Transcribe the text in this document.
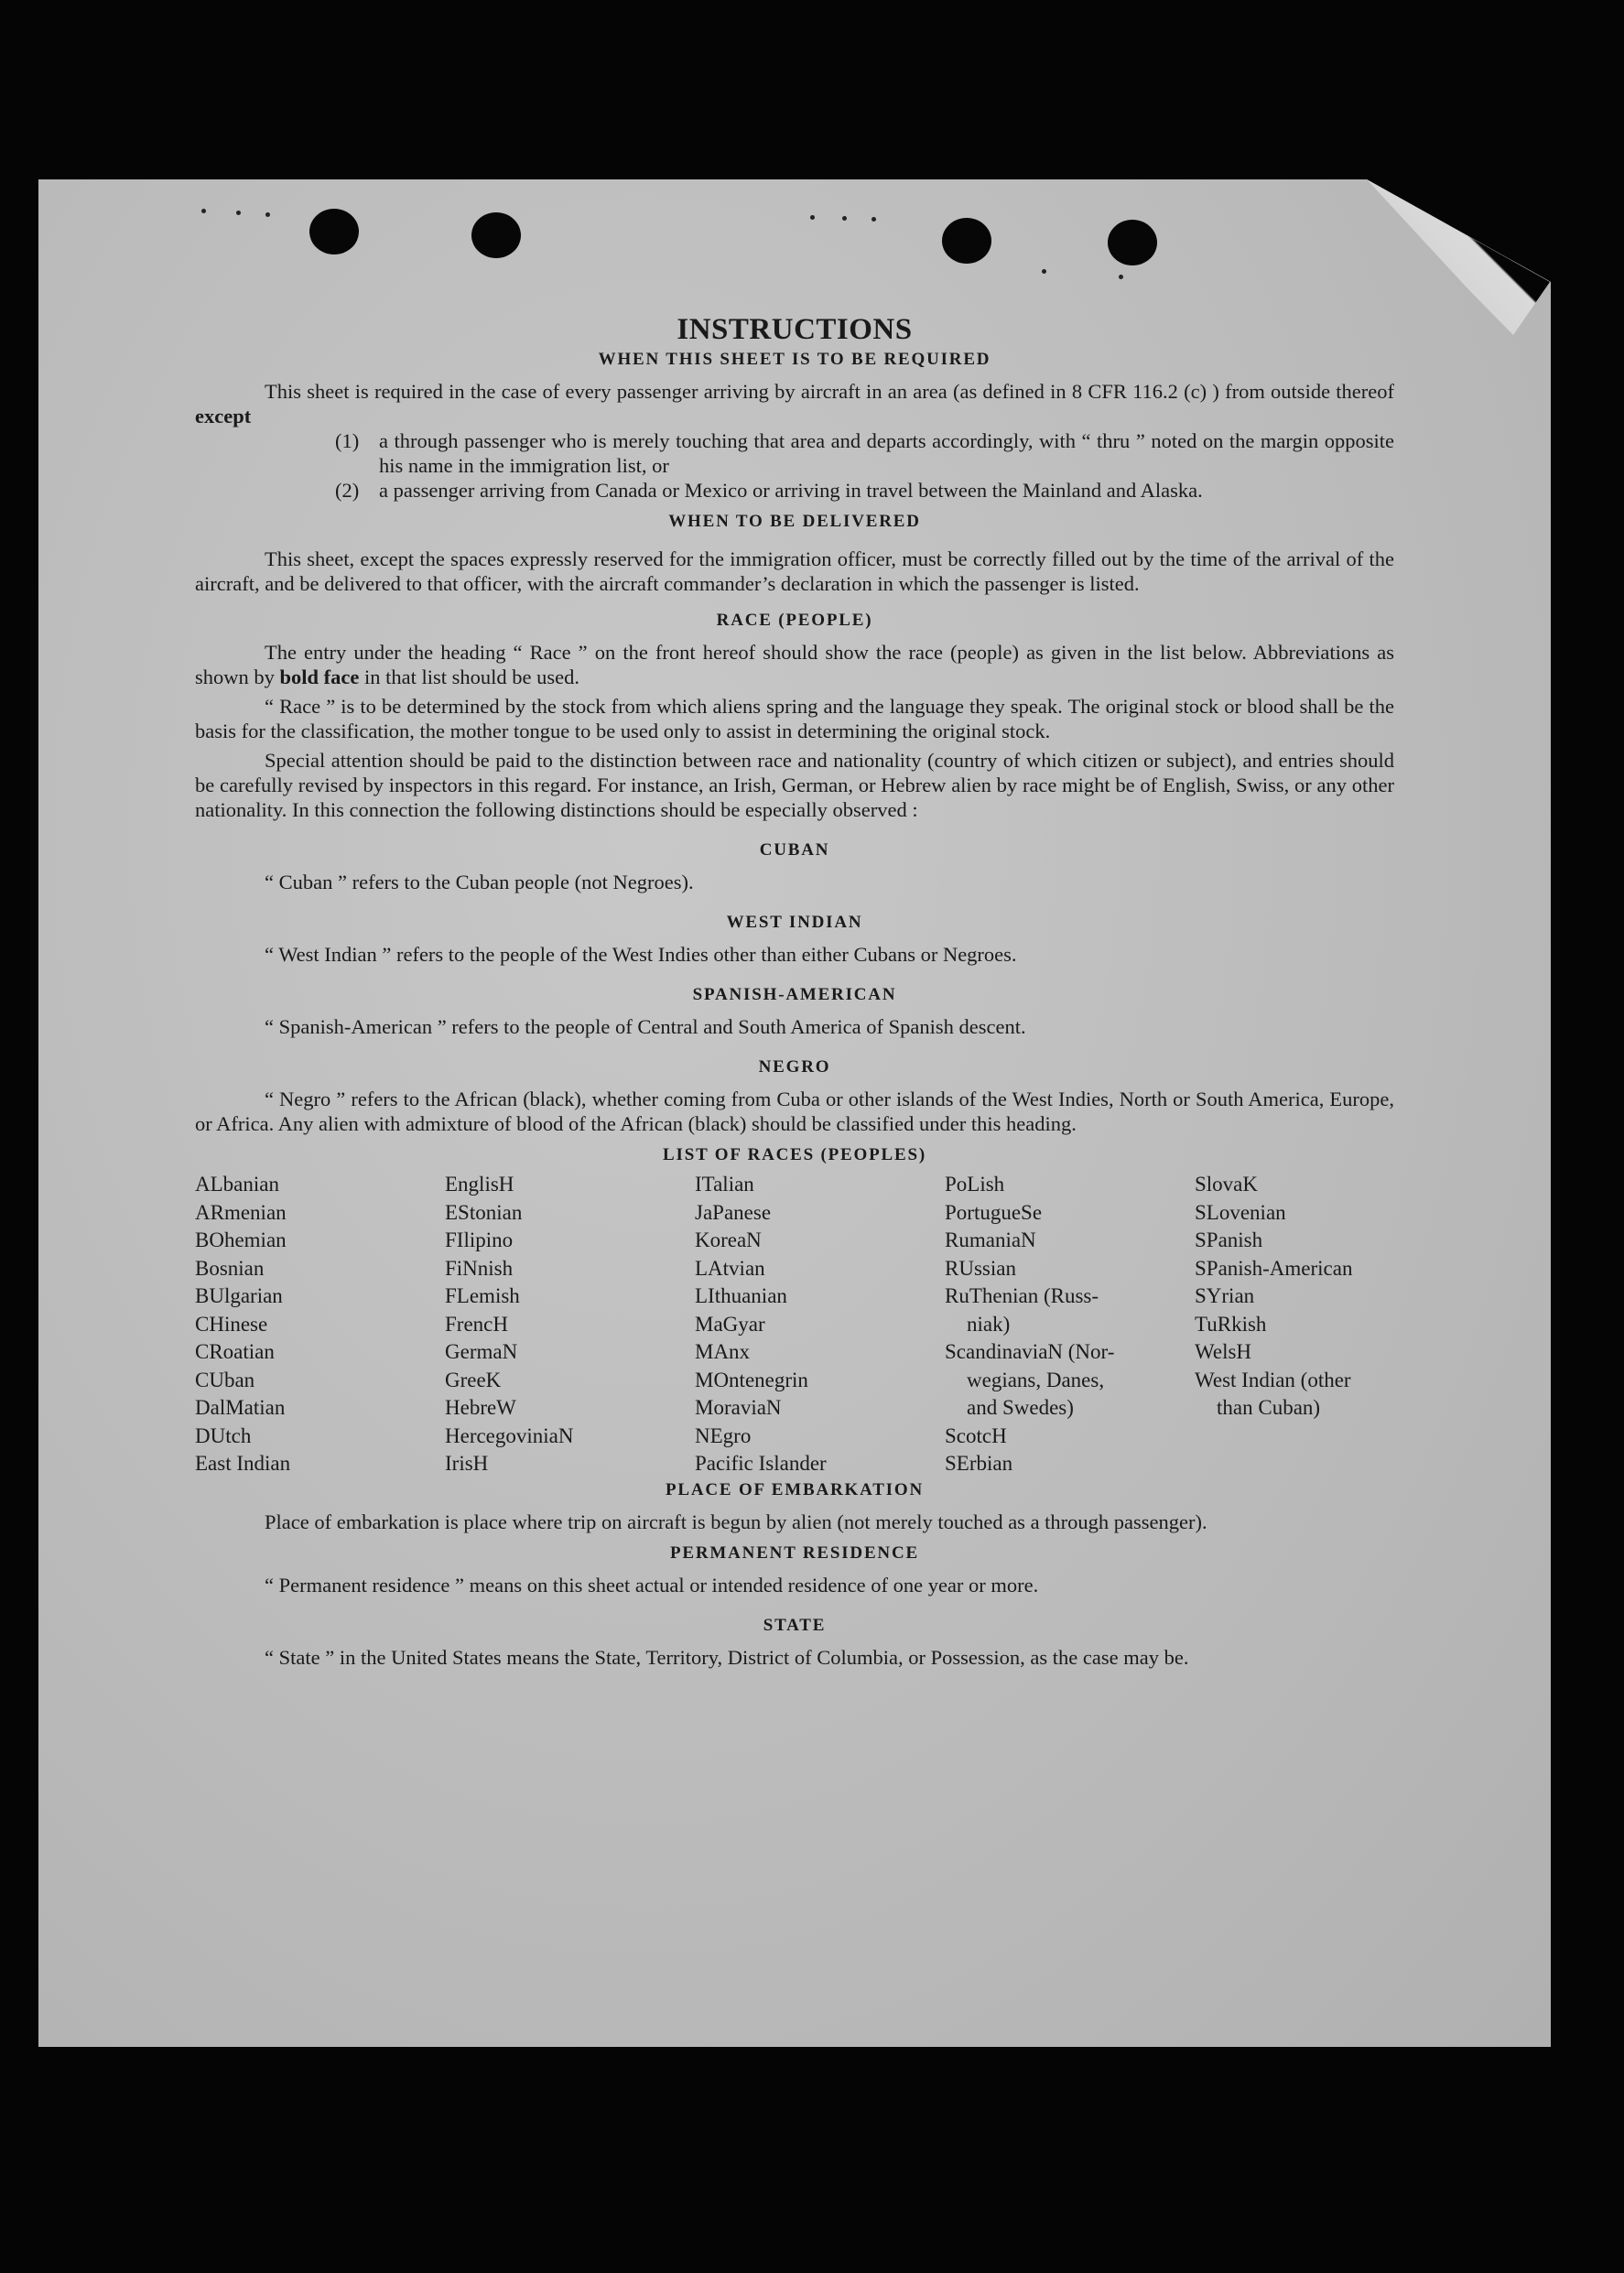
INSTRUCTIONS
WHEN THIS SHEET IS TO BE REQUIRED

This sheet is required in the case of every passenger arriving by aircraft in an area (as defined in 8 CFR 116.2 (c) ) from outside thereof except

(1) a through passenger who is merely touching that area and departs accordingly, with “ thru ” noted on the margin opposite his name in the immigration list, or
(2) a passenger arriving from Canada or Mexico or arriving in travel between the Mainland and Alaska.
WHEN TO BE DELIVERED

This sheet, except the spaces expressly reserved for the immigration officer, must be correctly filled out by the time of the arrival of the aircraft, and be delivered to that officer, with the aircraft commander’s declaration in which the passenger is listed.

RACE (PEOPLE)

The entry under the heading “ Race ” on the front hereof should show the race (people) as given in the list below. Abbreviations as shown by bold face in that list should be used.

“ Race ” is to be determined by the stock from which aliens spring and the language they speak. The original stock or blood shall be the basis for the classification, the mother tongue to be used only to assist in determining the original stock.

Special attention should be paid to the distinction between race and nationality (country of which citizen or subject), and entries should be carefully revised by inspectors in this regard. For instance, an Irish, German, or Hebrew alien by race might be of English, Swiss, or any other nationality. In this connection the following distinctions should be especially observed :

CUBAN

“ Cuban ” refers to the Cuban people (not Negroes).

WEST INDIAN

“ West Indian ” refers to the people of the West Indies other than either Cubans or Negroes.

SPANISH-AMERICAN

“ Spanish-American ” refers to the people of Central and South America of Spanish descent.

NEGRO

“ Negro ” refers to the African (black), whether coming from Cuba or other islands of the West Indies, North or South America, Europe, or Africa. Any alien with admixture of blood of the African (black) should be classified under this heading.

LIST OF RACES (PEOPLES)
ALbanian
ARmenian
BOhemian
Bosnian
BUlgarian
CHinese
CRoatian
CUban
DalMatian
DUtch
East Indian
EnglisH
EStonian
FIlipino
FiNnish
FLemish
FrencH
GermaN
GreeK
HebreW
HercegoviniaN
IrisH
ITalian
JaPanese
KoreaN
LAtvian
LIthuanian
MaGyar
MAnx
MOntenegrin
MoraviaN
NEgro
Pacific Islander
PoLish
PortugueSe
RumaniaN
RUssian
RuThenian (Russ-
niak)
ScandinaviaN (Nor-
wegians, Danes,
and Swedes)
ScotcH
SErbian
SlovaK
SLovenian
SPanish
SPanish-American
SYrian
TuRkish
WelsH
West Indian (other
than Cuban)
PLACE OF EMBARKATION

Place of embarkation is place where trip on aircraft is begun by alien (not merely touched as a through passenger).

PERMANENT RESIDENCE

“ Permanent residence ” means on this sheet actual or intended residence of one year or more.

STATE

“ State ” in the United States means the State, Territory, District of Columbia, or Possession, as the case may be.
